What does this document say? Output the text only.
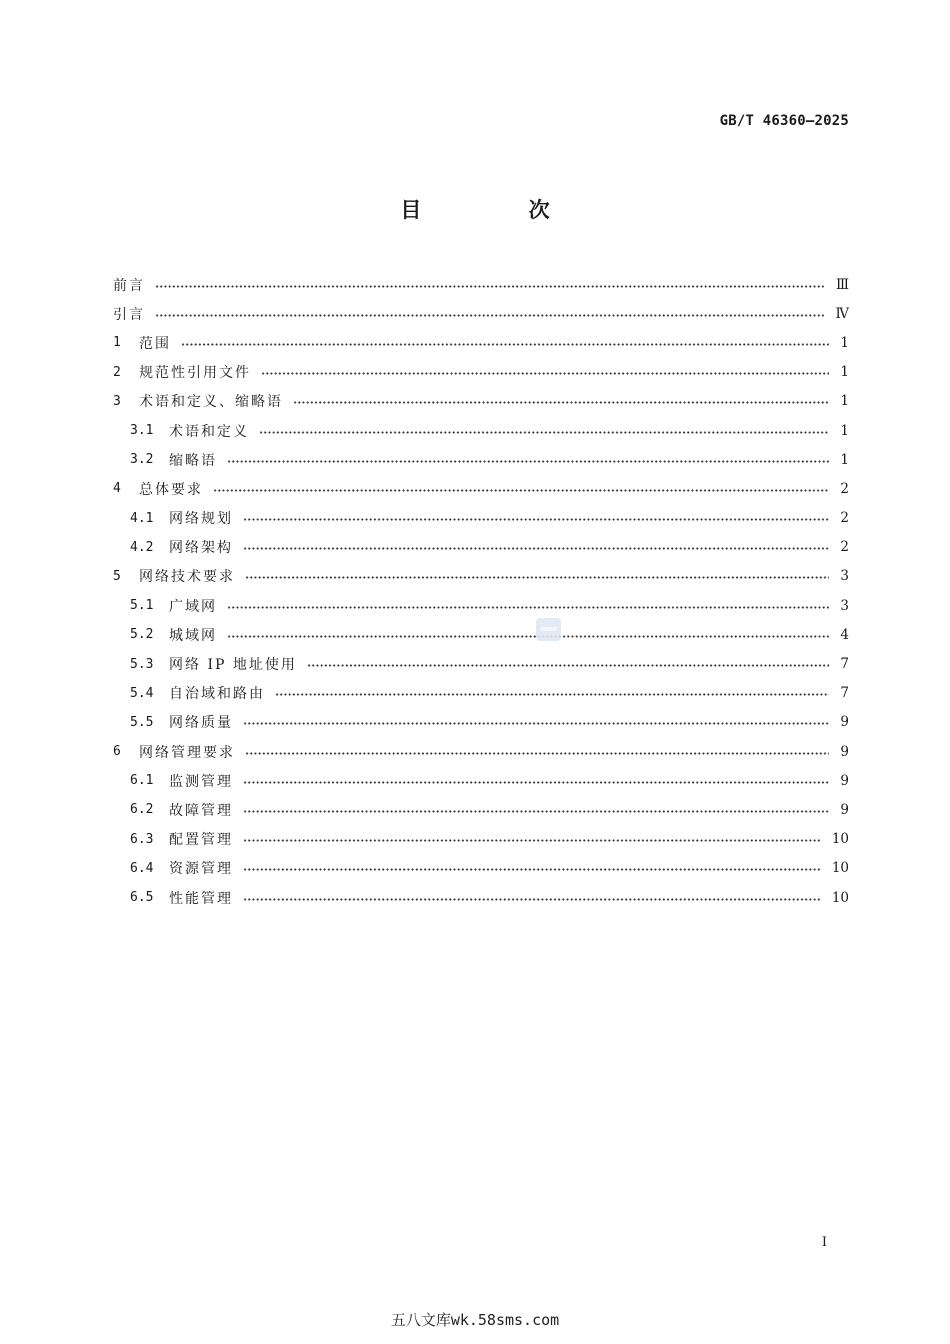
GB/T 46360—2025
目 次
前言	Ⅲ
引言	Ⅳ
1	范围	1
2	规范性引用文件	1
3	术语和定义、缩略语	1
3.1	术语和定义	1
3.2	缩略语	1
4	总体要求	2
4.1	网络规划	2
4.2	网络架构	2
5	网络技术要求	3
5.1	广域网	3
5.2	城域网	4
5.3	网络 IP 地址使用	7
5.4	自治域和路由	7
5.5	网络质量	9
6	网络管理要求	9
6.1	监测管理	9
6.2	故障管理	9
6.3	配置管理	10
6.4	资源管理	10
6.5	性能管理	10
I
五八文库wk.58sms.com
